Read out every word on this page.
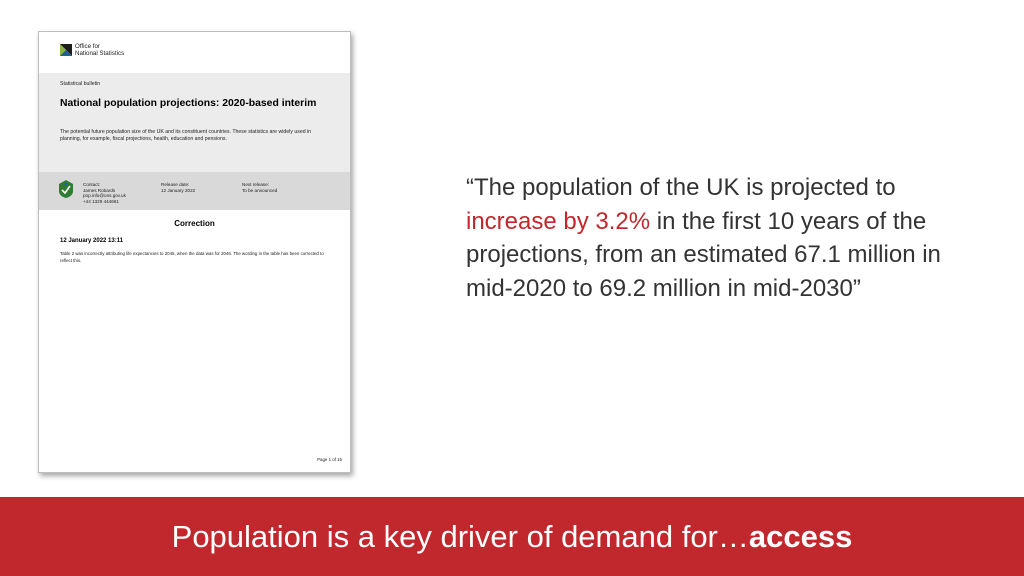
Office for
National Statistics
Statistical bulletin
National population projections: 2020-based interim
The potential future population size of the UK and its constituent countries. These statistics are widely used in planning, for example, fiscal projections, health, education and pensions.
Contact:
James Robards
pop.info@ons.gov.uk
+44 1329 444661
Release date:
12 January 2022
Next release:
To be announced
Correction
12 January 2022 13:11
Table 2 was incorrectly attributing life expectancies to 2045, when the data was for 2046. The wording in the table has been corrected to reflect this.
Page 1 of 15
“The population of the UK is projected to increase by 3.2% in the first 10 years of the projections, from an estimated 67.1 million in mid-2020 to 69.2 million in mid-2030”
Population is a key driver of demand for…access
